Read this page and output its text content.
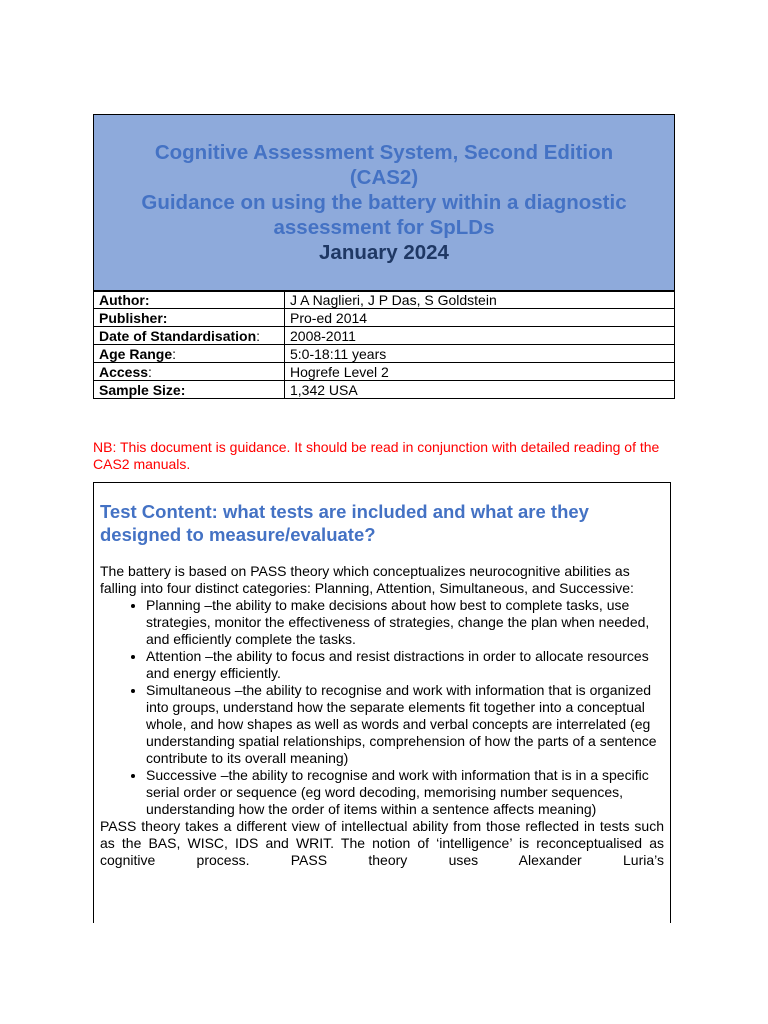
Cognitive Assessment System, Second Edition
(CAS2)
Guidance on using the battery within a diagnostic
assessment for SpLDs
January 2024
Author:	J A Naglieri, J P Das, S Goldstein
Publisher:	Pro-ed 2014
Date of Standardisation:	2008-2011
Age Range:	5:0-18:11 years
Access:	Hogrefe Level 2
Sample Size:	1,342 USA
NB: This document is guidance. It should be read in conjunction with detailed reading of the CAS2 manuals.
Test Content: what tests are included and what are they designed to measure/evaluate?

The battery is based on PASS theory which conceptualizes neurocognitive abilities as falling into four distinct categories: Planning, Attention, Simultaneous, and Successive:

• Planning –the ability to make decisions about how best to complete tasks, use strategies, monitor the effectiveness of strategies, change the plan when needed, and efficiently complete the tasks.
• Attention –the ability to focus and resist distractions in order to allocate resources and energy efficiently.
• Simultaneous –the ability to recognise and work with information that is organized into groups, understand how the separate elements fit together into a conceptual whole, and how shapes as well as words and verbal concepts are interrelated (eg understanding spatial relationships, comprehension of how the parts of a sentence contribute to its overall meaning)
• Successive –the ability to recognise and work with information that is in a specific serial order or sequence (eg word decoding, memorising number sequences, understanding how the order of items within a sentence affects meaning)

PASS theory takes a different view of intellectual ability from those reflected in tests such as the BAS, WISC, IDS and WRIT. The notion of ‘intelligence’ is reconceptualised as cognitive process. PASS theory uses Alexander Luria’s
